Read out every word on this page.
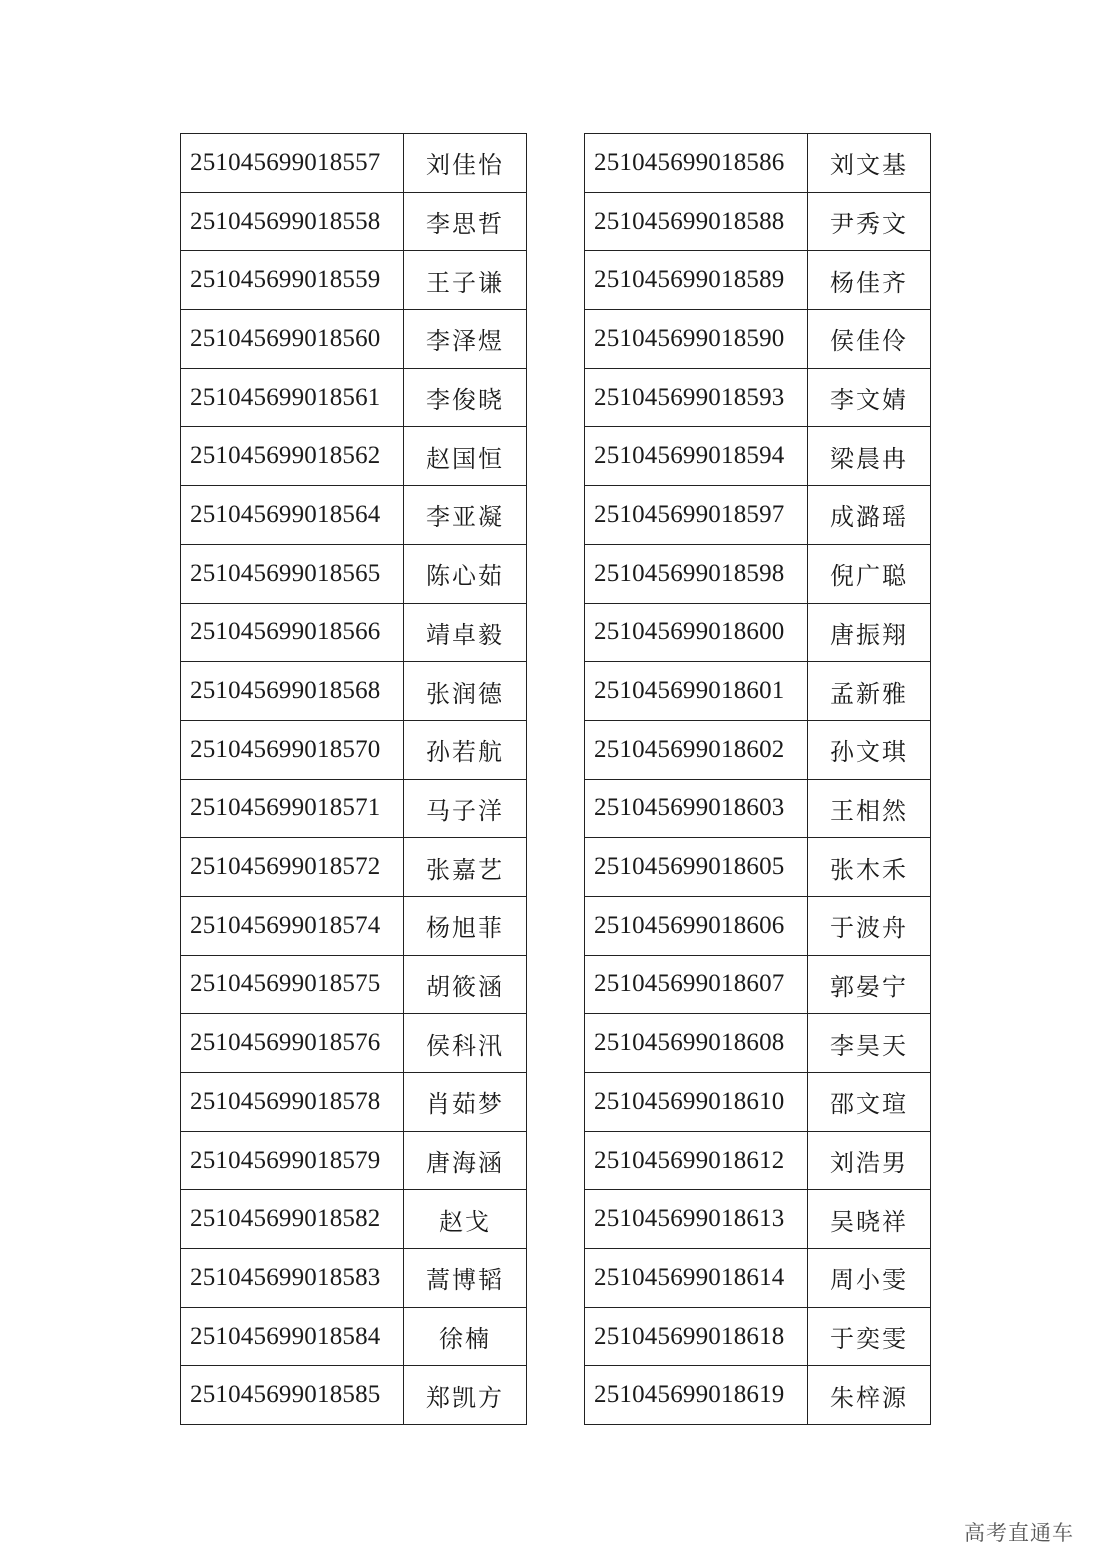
251045699018557	刘佳怡
251045699018558	李思哲
251045699018559	王子谦
251045699018560	李泽煜
251045699018561	李俊晓
251045699018562	赵国恒
251045699018564	李亚凝
251045699018565	陈心茹
251045699018566	靖卓毅
251045699018568	张润德
251045699018570	孙若航
251045699018571	马子洋
251045699018572	张嘉艺
251045699018574	杨旭菲
251045699018575	胡筱涵
251045699018576	侯科汛
251045699018578	肖茹梦
251045699018579	唐海涵
251045699018582	赵戈
251045699018583	蒿博韬
251045699018584	徐楠
251045699018585	郑凯方
251045699018586	刘文基
251045699018588	尹秀文
251045699018589	杨佳齐
251045699018590	侯佳伶
251045699018593	李文婧
251045699018594	梁晨冉
251045699018597	成潞瑶
251045699018598	倪广聪
251045699018600	唐振翔
251045699018601	孟新雅
251045699018602	孙文琪
251045699018603	王相然
251045699018605	张木禾
251045699018606	于波舟
251045699018607	郭晏宁
251045699018608	李昊天
251045699018610	邵文瑄
251045699018612	刘浩男
251045699018613	吴晓祥
251045699018614	周小雯
251045699018618	于奕雯
251045699018619	朱梓源
高考直通车
